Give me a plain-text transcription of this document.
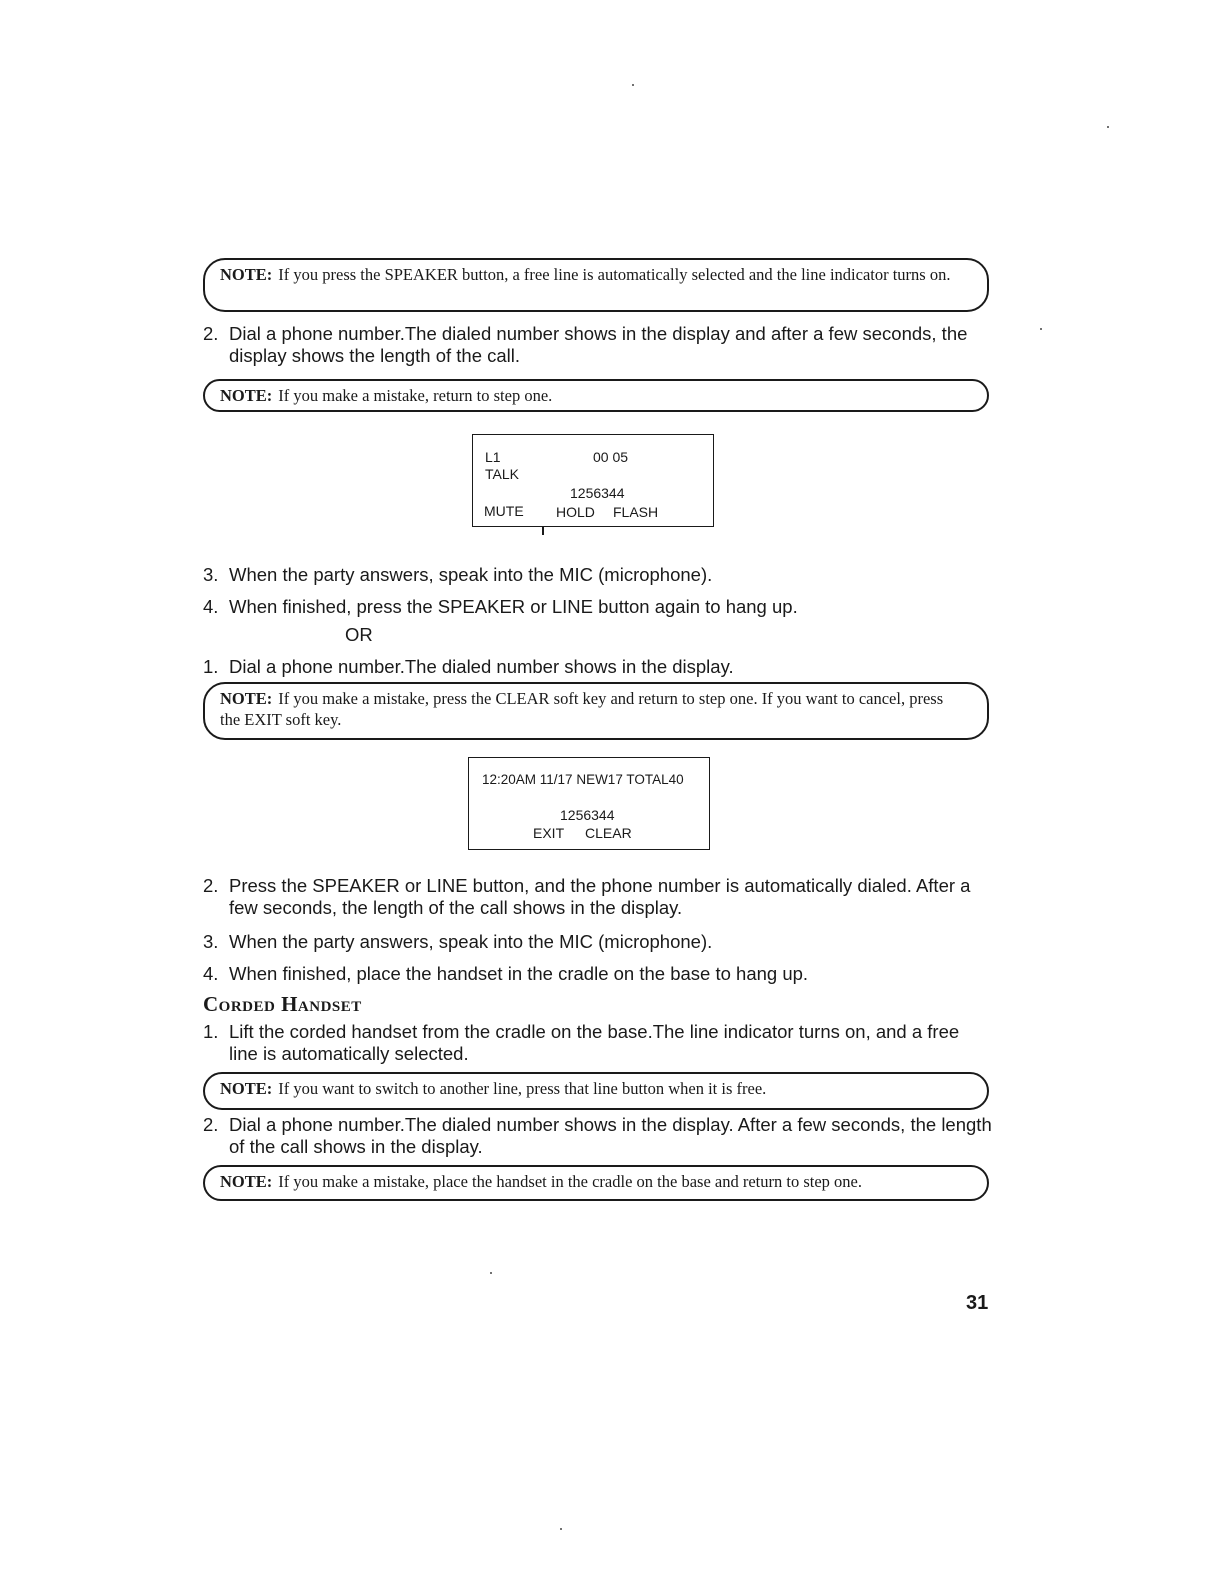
NOTE: If you press the SPEAKER button, a free line is automatically selected and the line indicator turns on.
2. Dial a phone number.The dialed number shows in the display and after a few seconds, the display shows the length of the call.
NOTE: If you make a mistake, return to step one.
L1	00 05
TALK
1256344
MUTE HOLD FLASH
3. When the party answers, speak into the MIC (microphone).
4. When finished, press the SPEAKER or LINE button again to hang up.
OR
1. Dial a phone number.The dialed number shows in the display.
NOTE: If you make a mistake, press the CLEAR soft key and return to step one. If you want to cancel, press the EXIT soft key.
12:20AM 11/17 NEW17 TOTAL40
1256344
EXIT CLEAR
2. Press the SPEAKER or LINE button, and the phone number is automatically dialed. After a few seconds, the length of the call shows in the display.
3. When the party answers, speak into the MIC (microphone).
4. When finished, place the handset in the cradle on the base to hang up.
Corded Handset
1. Lift the corded handset from the cradle on the base.The line indicator turns on, and a free line is automatically selected.
NOTE: If you want to switch to another line, press that line button when it is free.
2. Dial a phone number.The dialed number shows in the display. After a few seconds, the length of the call shows in the display.
NOTE: If you make a mistake, place the handset in the cradle on the base and return to step one.
31
